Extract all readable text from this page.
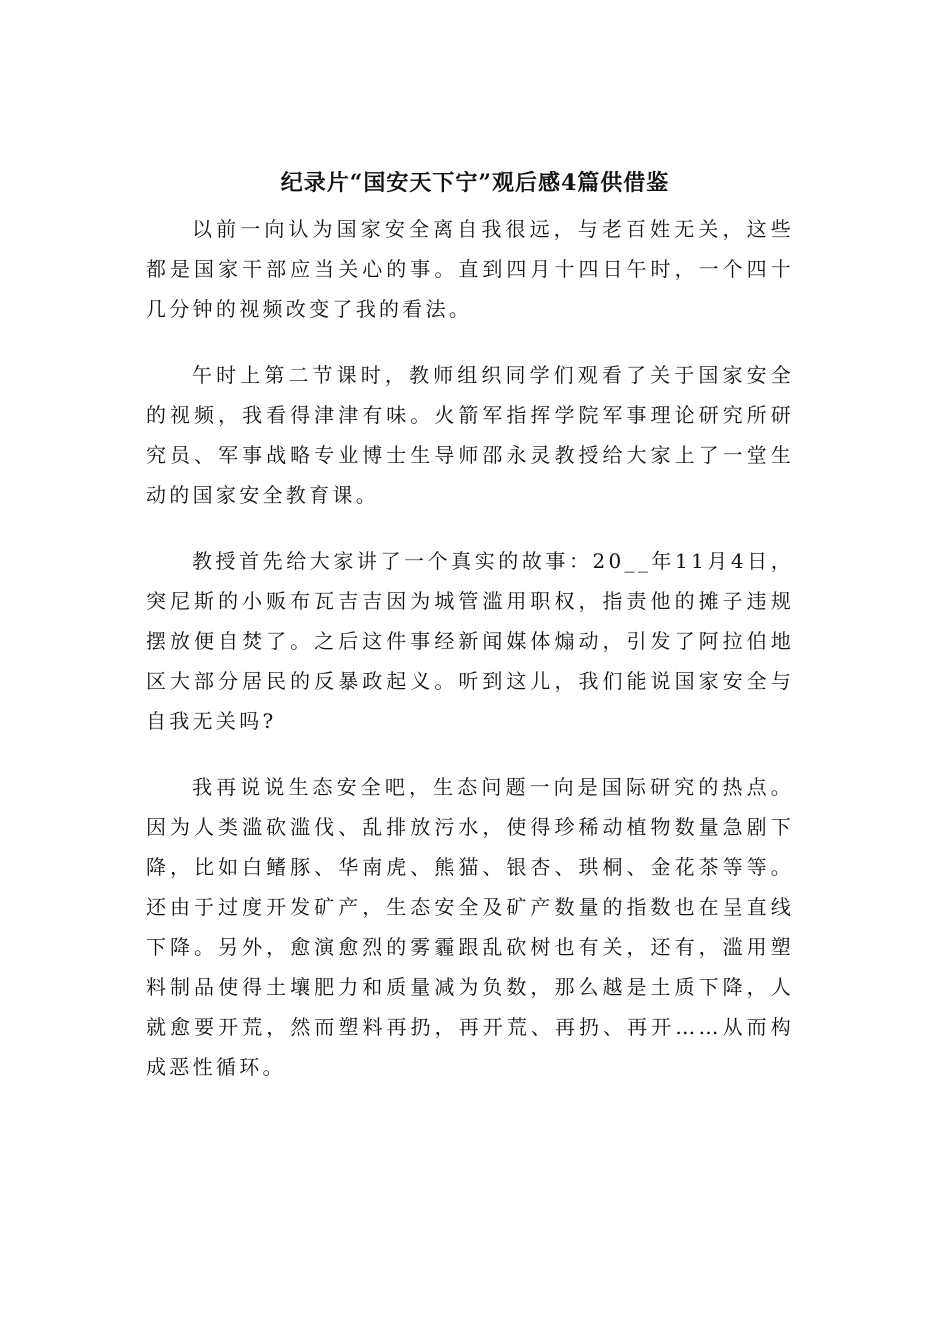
纪录片“国安天下宁”观后感4篇供借鉴

以前一向认为国家安全离自我很远，与老百姓无关，这些都是国家干部应当关心的事。直到四月十四日午时，一个四十几分钟的视频改变了我的看法。

午时上第二节课时，教师组织同学们观看了关于国家安全的视频，我看得津津有味。火箭军指挥学院军事理论研究所研究员、军事战略专业博士生导师邵永灵教授给大家上了一堂生动的国家安全教育课。

教授首先给大家讲了一个真实的故事：20__年11月4日，突尼斯的小贩布瓦吉吉因为城管滥用职权，指责他的摊子违规摆放便自焚了。之后这件事经新闻媒体煽动，引发了阿拉伯地区大部分居民的反暴政起义。听到这儿，我们能说国家安全与自我无关吗?

我再说说生态安全吧，生态问题一向是国际研究的热点。因为人类滥砍滥伐、乱排放污水，使得珍稀动植物数量急剧下降，比如白鳍豚、华南虎、熊猫、银杏、珙桐、金花茶等等。还由于过度开发矿产，生态安全及矿产数量的指数也在呈直线下降。另外，愈演愈烈的雾霾跟乱砍树也有关，还有，滥用塑料制品使得土壤肥力和质量减为负数，那么越是土质下降，人就愈要开荒，然而塑料再扔，再开荒、再扔、再开……从而构成恶性循环。
